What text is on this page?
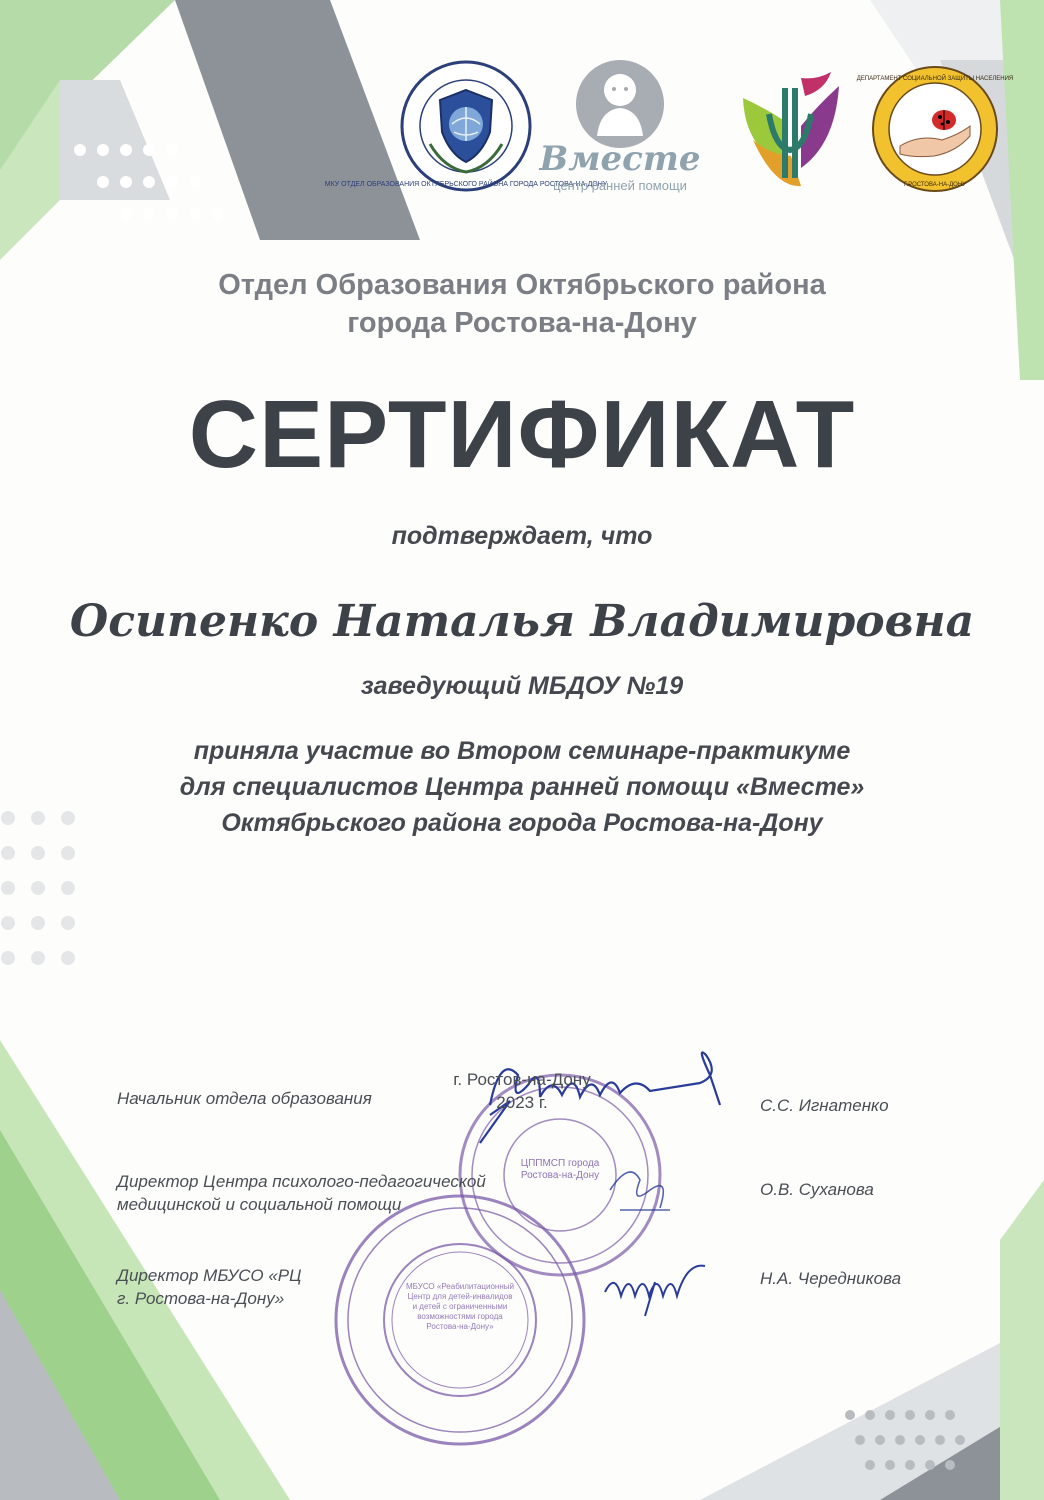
МКУ ОТДЕЛ ОБРАЗОВАНИЯ ОКТЯБРЬСКОГО РАЙОНА ГОРОДА РОСТОВА-НА-ДОНУ
Вместе
центр ранней помощи
ДЕПАРТАМЕНТ СОЦИАЛЬНОЙ ЗАЩИТЫ НАСЕЛЕНИЯ
Г.РОСТОВА-НА-ДОНУ
Отдел Образования Октябрьского района
города Ростова-на-Дону
СЕРТИФИКАТ
подтверждает, что
Осипенко Наталья Владимировна
заведующий МБДОУ №19
приняла участие во Втором семинаре-практикуме
для специалистов Центра ранней помощи «Вместе»
Октябрьского района города Ростова-на-Дону
МБУСО «Реабилитационный Центр для детей-инвалидов и детей с ограниченными возможностями города Ростова-на-Дону»
ЦППМСП города Ростова-на-Дону
Начальник отдела образования	С.С. Игнатенко
Директор Центра психолого-педагогической
медицинской и социальной помощи
О.В. Суханова
Директор МБУСО «РЦ
г. Ростова-на-Дону»
Н.А. Чередникова
г. Ростов-на-Дону
2023 г.
